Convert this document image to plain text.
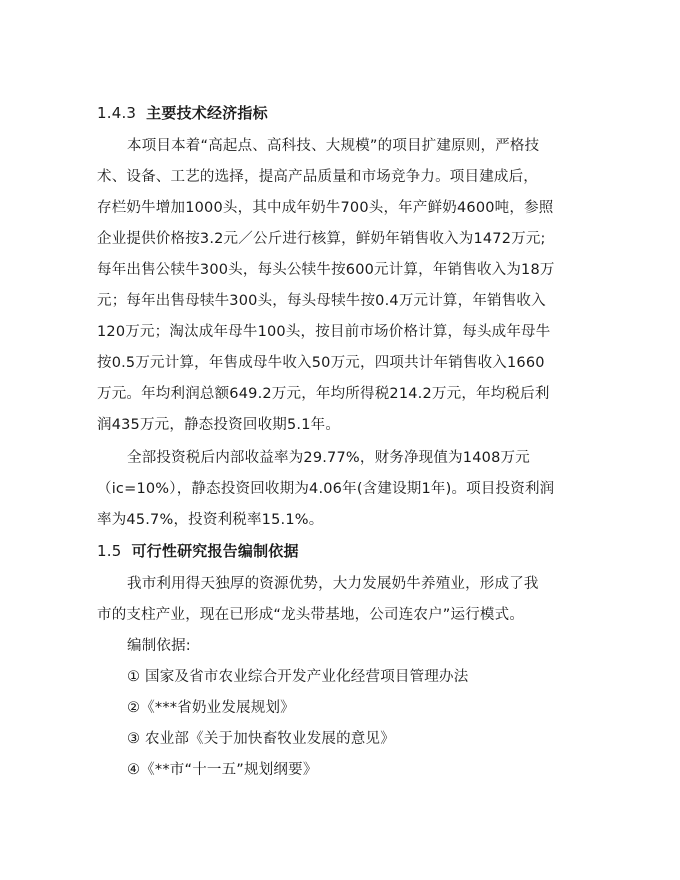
1.4.3 主要技术经济指标
本项目本着“高起点、高科技、大规模”的项目扩建原则，严格技
术、设备、工艺的选择，提高产品质量和市场竞争力。项目建成后，
存栏奶牛增加1000头，其中成年奶牛700头，年产鲜奶4600吨，参照
企业提供价格按3.2元／公斤进行核算，鲜奶年销售收入为1472万元;
每年出售公犊牛300头，每头公犊牛按600元计算，年销售收入为18万
元；每年出售母犊牛300头，每头母犊牛按0.4万元计算，年销售收入
120万元；淘汰成年母牛100头，按目前市场价格计算，每头成年母牛
按0.5万元计算，年售成母牛收入50万元，四项共计年销售收入1660
万元。年均利润总额649.2万元，年均所得税214.2万元，年均税后利
润435万元，静态投资回收期5.1年。
全部投资税后内部收益率为29.77%，财务净现值为1408万元
（ic=10%），静态投资回收期为4.06年(含建设期1年)。项目投资利润
率为45.7%，投资利税率15.1%。
1.5 可行性研究报告编制依据
我市利用得天独厚的资源优势，大力发展奶牛养殖业，形成了我
市的支柱产业，现在已形成“龙头带基地，公司连农户”运行模式。
编制依据:
① 国家及省市农业综合开发产业化经营项目管理办法
②《***省奶业发展规划》
③ 农业部《关于加快畜牧业发展的意见》
④《**市“十一五”规划纲要》
